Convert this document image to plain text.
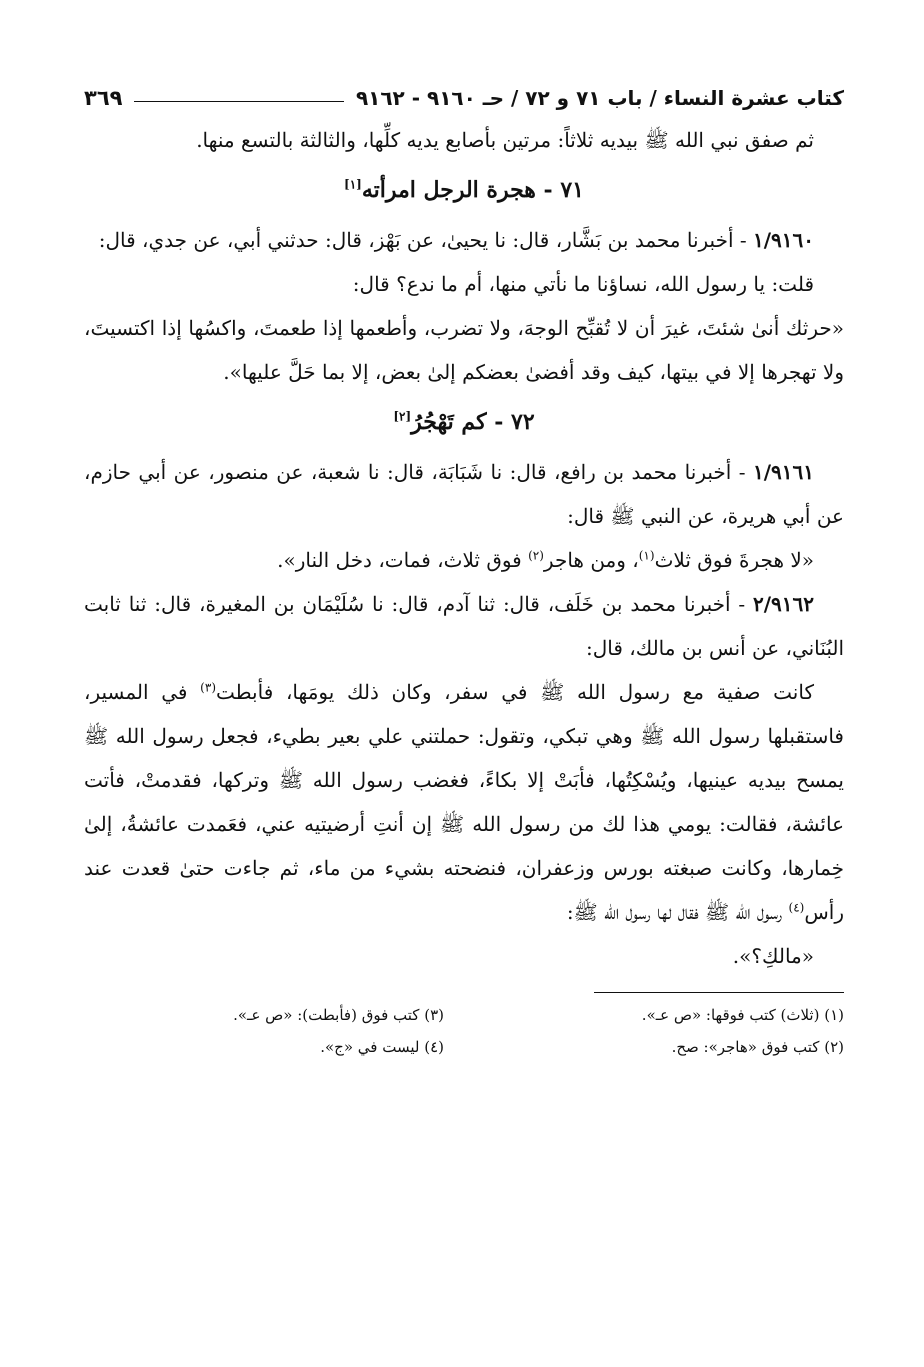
كتاب عشرة النساء / باب ٧١ و ٧٢ / حـ ٩١٦٠ - ٩١٦٢
٣٦٩

ثم صفق نبي الله ﷺ بيديه ثلاثاً: مرتين بأصابع يديه كلِّها، والثالثة بالتسع منها.

٧١ - هجرة الرجل امرأته[١]

١/٩١٦٠ - أخبرنا محمد بن بَشَّار، قال: نا يحيىٰ، عن بَهْز، قال: حدثني أبي، عن جدي، قال:

قلت: يا رسول الله، نساؤنا ما نأتي منها، أم ما ندع؟ قال:

«حرثك أنىٰ شئتَ، غيرَ أن لا تُقبِّح الوجهَ، ولا تضرب، وأطعمها إذا طعمتَ، واكسُها إذا اكتسيتَ، ولا تهجرها إلا في بيتها، كيف وقد أفضىٰ بعضكم إلىٰ بعض، إلا بما حَلَّ عليها».

٧٢ - كم تَهْجُرُ[٢]

١/٩١٦١ - أخبرنا محمد بن رافع، قال: نا شَبَابَة، قال: نا شعبة، عن منصور، عن أبي حازم، عن أبي هريرة، عن النبي ﷺ قال:

«لا هجرةَ فوق ثلاث$^{(١)}$، ومن هاجر$^{(٢)}$ فوق ثلاث، فمات، دخل النار».

٢/٩١٦٢ - أخبرنا محمد بن خَلَف، قال: ثنا آدم، قال: نا سُلَيْمَان بن المغيرة، قال: ثنا ثابت البُنَاني، عن أنس بن مالك، قال:

كانت صفية مع رسول الله ﷺ في سفر، وكان ذلك يومَها، فأبطت$^{(٣)}$ في المسير، فاستقبلها رسول الله ﷺ وهي تبكي، وتقول: حملتني علي بعير بطيء، فجعل رسول الله ﷺ يمسح بيديه عينيها، ويُسْكِتُها، فأبَتْ إلا بكاءً، فغضب رسول الله ﷺ وتركها، فقدمتْ، فأتت عائشة، فقالت: يومي هذا لك من رسول الله ﷺ إن أنتِ أرضيتيه عني، فعَمدت عائشةُ، إلىٰ خِمارها، وكانت صبغته بورس وزعفران، فنضحته بشيء من ماء، ثم جاءت حتىٰ قعدت عند رأس$^{(٤)}$ رسول الله ﷺ فقال لها رسول الله ﷺ:

«مالكِ؟».

(١) (ثلاث) كتب فوقها: «ص عـ».
(٣) كتب فوق (فأبطت): «ص عـ».
(٢) كتب فوق «هاجر»: صح.
(٤) ليست في «ج».
